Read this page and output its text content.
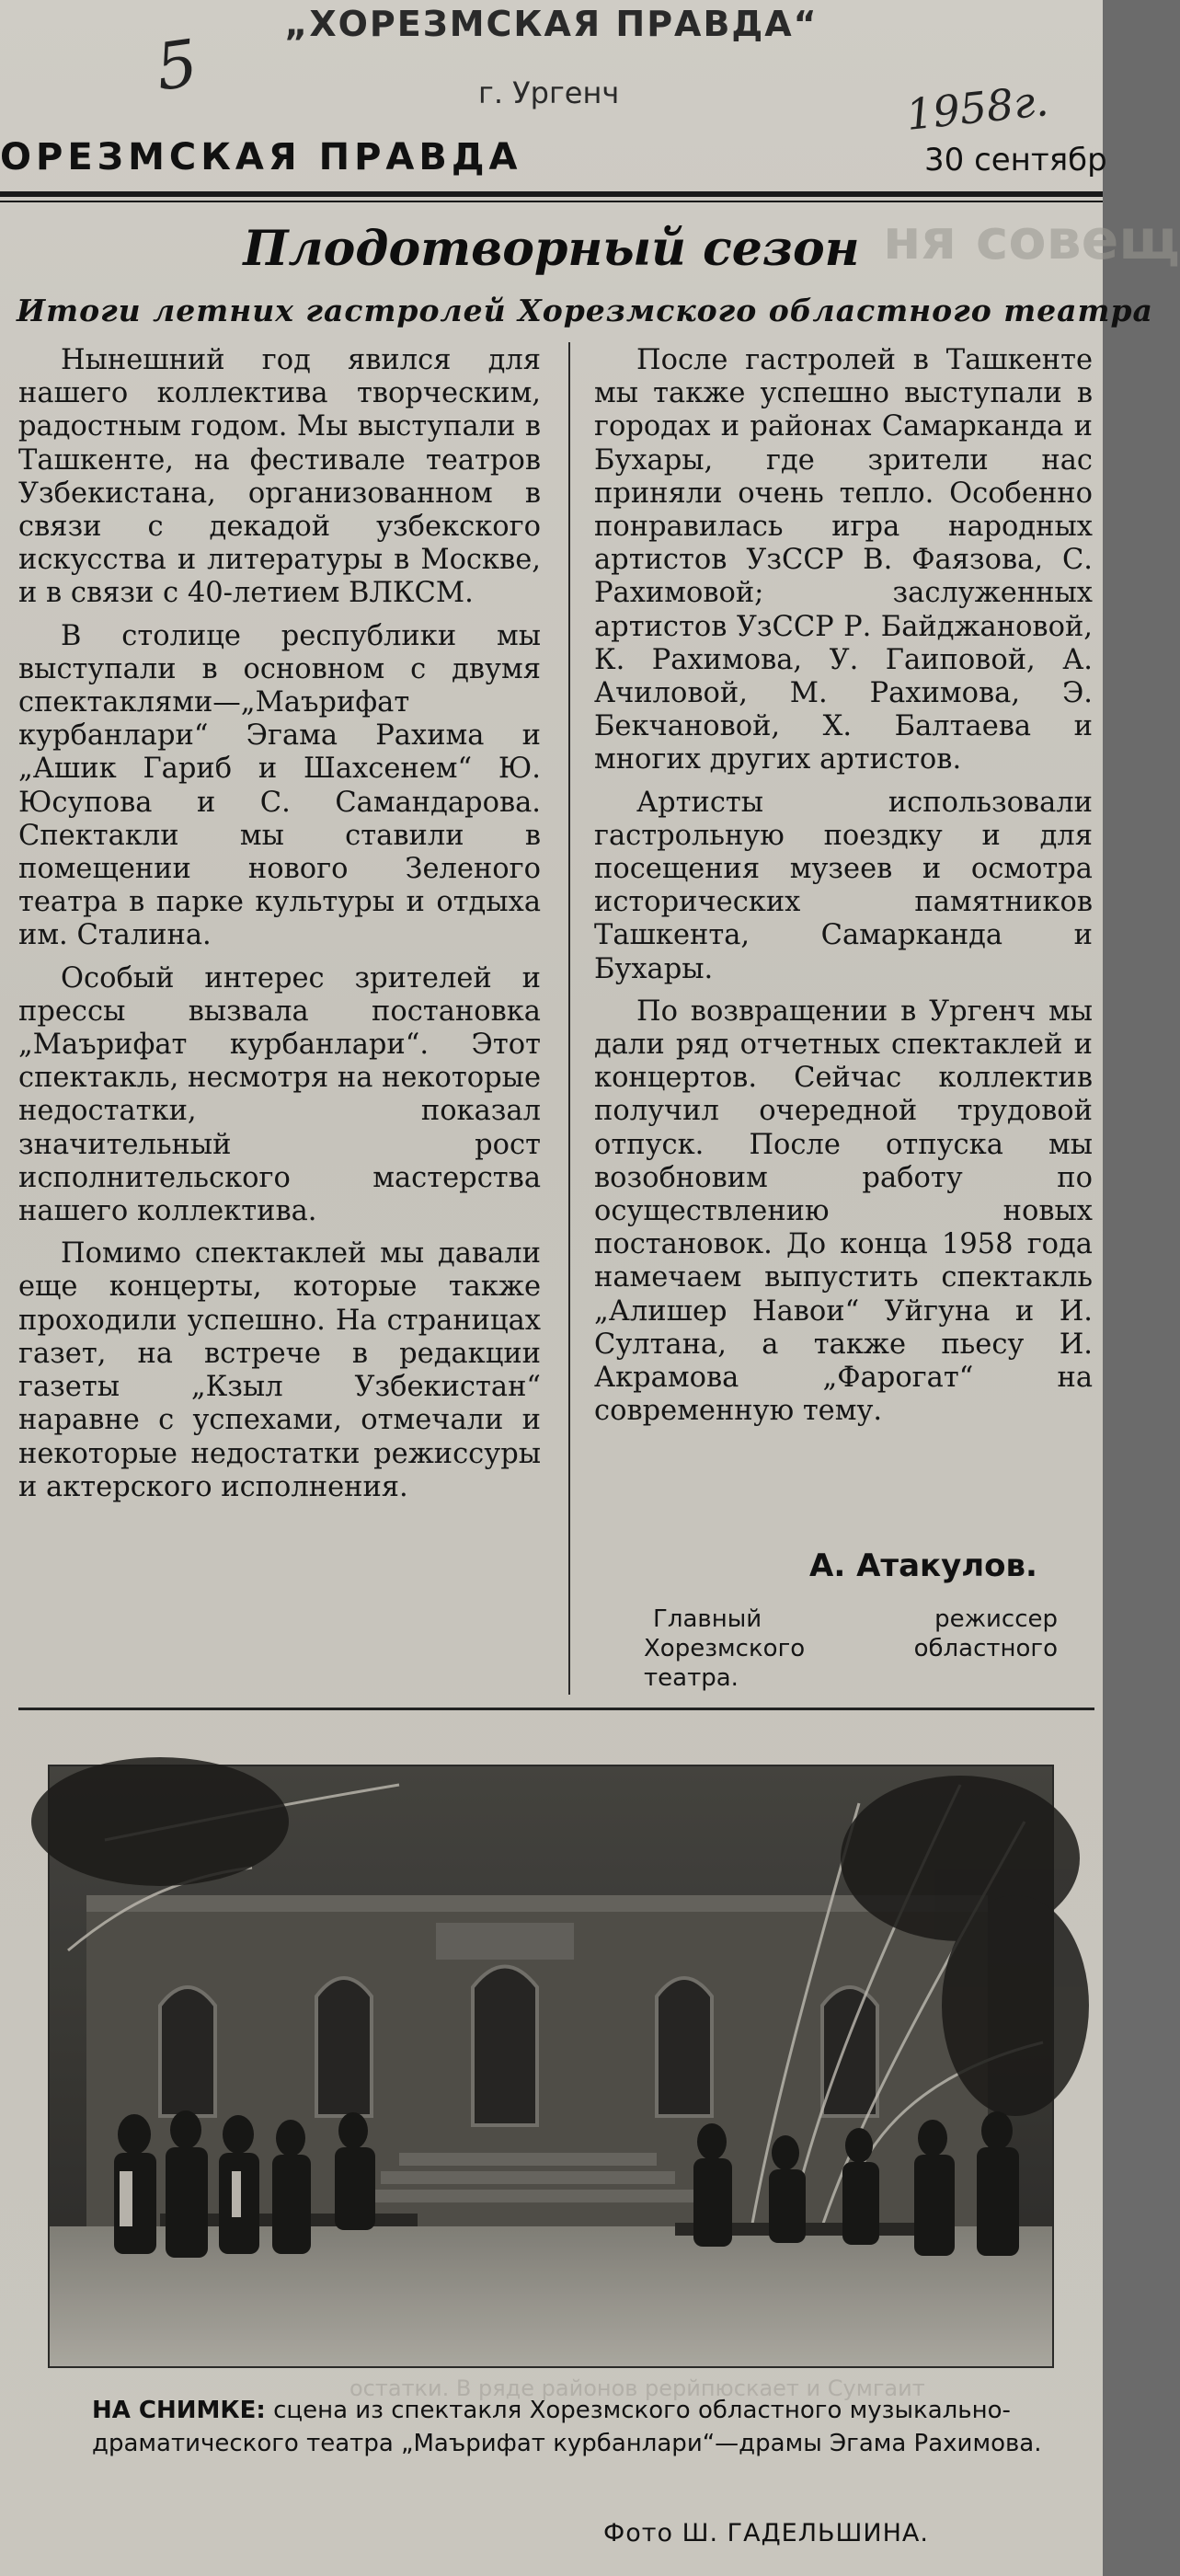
„ХОРЕЗМСКАЯ ПРАВДА“
г. Ургенч
5
1958г.
ОРЕЗМСКАЯ ПРАВДА	30 сентябр
ня совещ
Плодотворный сезон
Итоги летних гастролей Хорезмского областного театра

Нынешний год явился для нашего коллектива творческим, радостным годом. Мы выступали в Ташкенте, на фестивале театров Узбекистана, организованном в связи с декадой узбекского искусства и литературы в Москве, и в связи с 40-летием ВЛКСМ.

В столице республики мы выступали в основном с двумя спектаклями—„Маърифат курбанлари“ Эгама Рахима и „Ашик Гариб и Шахсенем“ Ю. Юсупова и С. Самандарова. Спектакли мы ставили в помещении нового Зеленого театра в парке культуры и отдыха им. Сталина.

Особый интерес зрителей и прессы вызвала постановка „Маърифат курбанлари“. Этот спектакль, несмотря на некоторые недостатки, показал значительный рост исполнительского мастерства нашего коллектива.

Помимо спектаклей мы давали еще концерты, которые также проходили успешно. На страницах газет, на встрече в редакции газеты „Кзыл Узбекистан“ наравне с успехами, отмечали и некоторые недостатки режиссуры и актерского исполнения.

После гастролей в Ташкенте мы также успешно выступали в городах и районах Самарканда и Бухары, где зрители нас приняли очень тепло. Особенно понравилась игра народных артистов УзССР В. Фаязова, С. Рахимовой; заслуженных артистов УзССР Р. Байджановой, К. Рахимова, У. Гаиповой, А. Ачиловой, М. Рахимова, Э. Бекчановой, Х. Балтаева и многих других артистов.

Артисты использовали гастрольную поездку и для посещения музеев и осмотра исторических памятников Ташкента, Самарканда и Бухары.

По возвращении в Ургенч мы дали ряд отчетных спектаклей и концертов. Сейчас коллектив получил очередной трудовой отпуск. После отпуска мы возобновим работу по осуществлению новых постановок. До конца 1958 года намечаем выпустить спектакль „Алишер Навои“ Уйгуна и И. Султана, а также пьесу И. Акрамова „Фарогат“ на современную тему.

А. Атакулов.
Главный режиссер Хорезмского областного театра.
остатки. В ряде районов рерйпюскает и Сумгаит
НА СНИМКЕ: сцена из спектакля Хорезмского областного музыкально-драматического театра „Маърифат курбанлари“—драмы Эгама Рахимова.
Фото Ш. ГАДЕЛЬШИНА.
